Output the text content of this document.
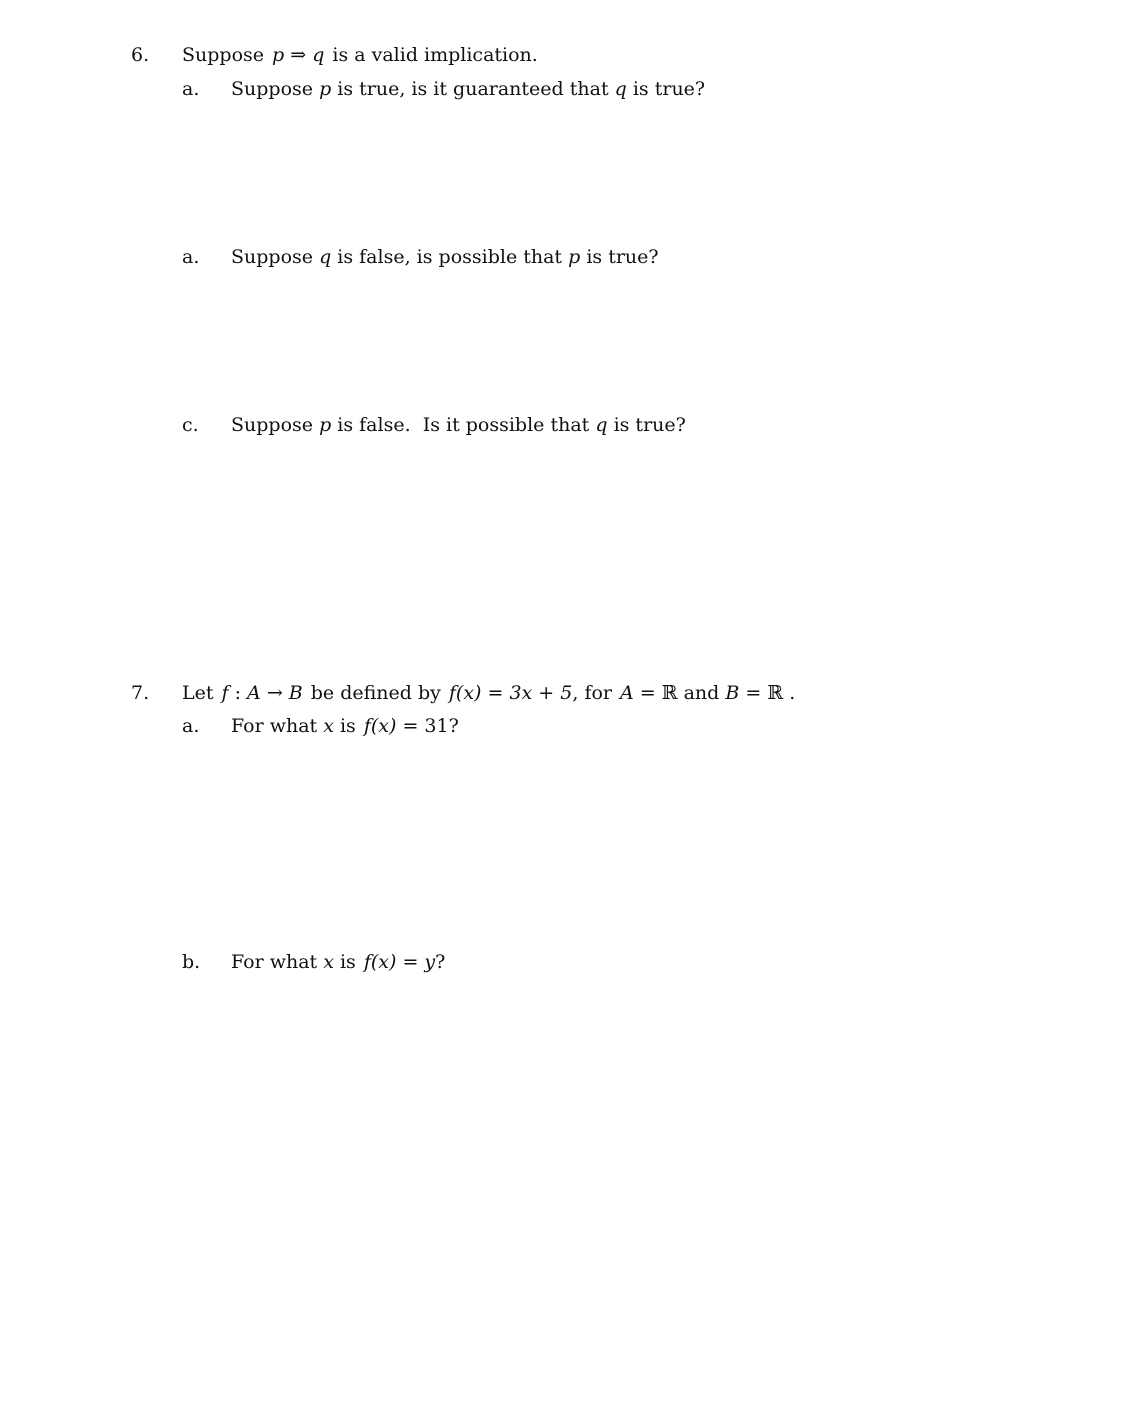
6. Suppose p ⇒ q is a valid implication.
a. Suppose p is true, is it guaranteed that q is true?
a. Suppose q is false, is possible that p is true?
c. Suppose p is false.  Is it possible that q is true?
7. Let f : A → B be defined by f(x) = 3x + 5, for A = ℝ and B = ℝ .
a. For what x is f(x) = 31?
b. For what x is f(x) = y?
